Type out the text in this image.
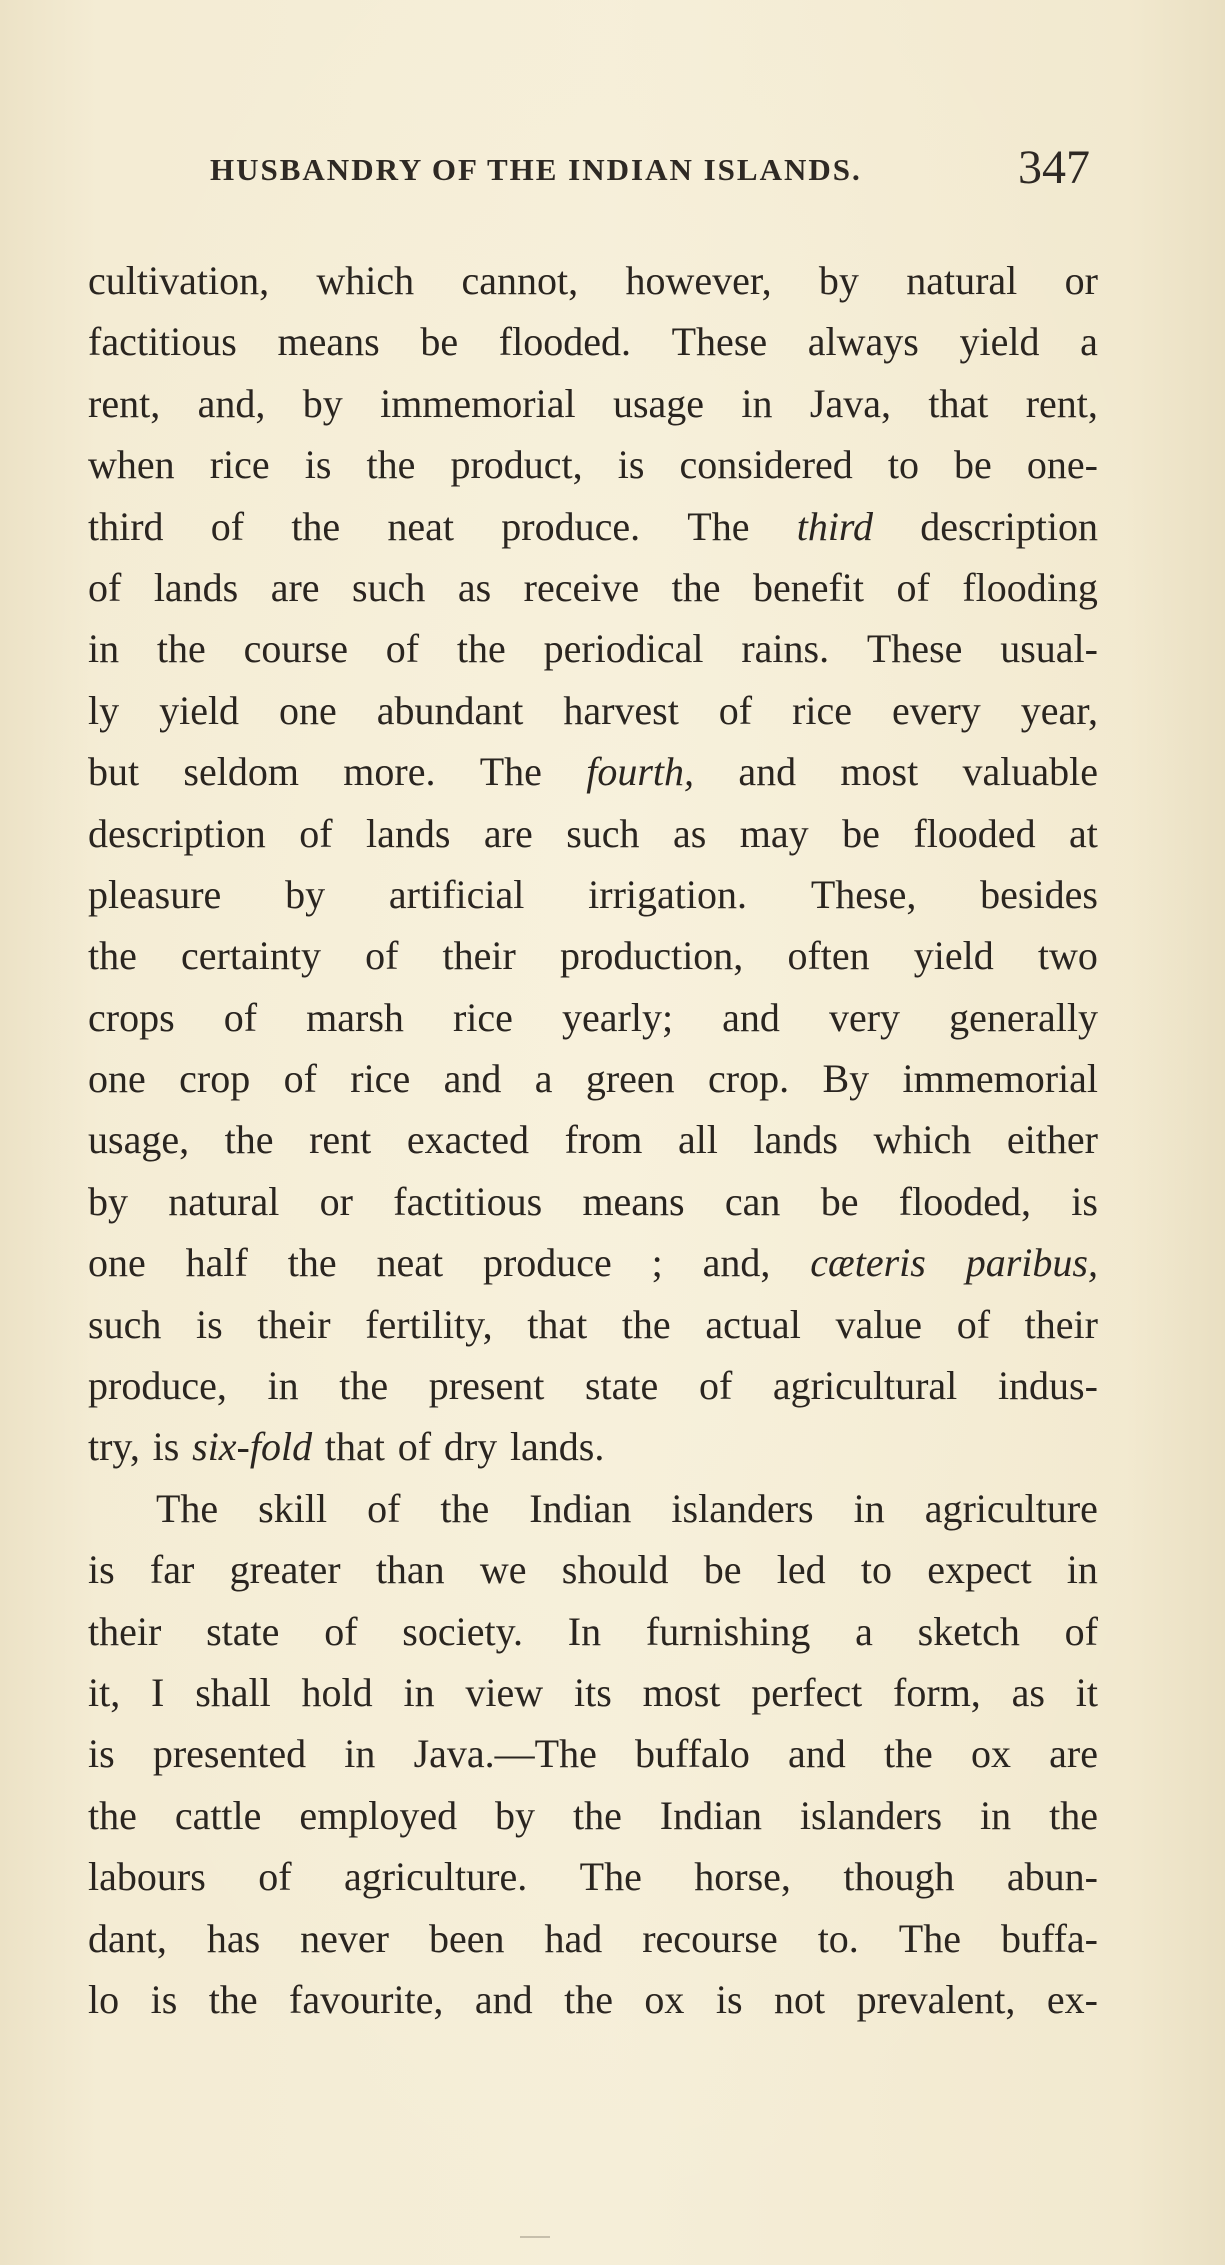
HUSBANDRY OF THE INDIAN ISLANDS.	347
cultivation, which cannot, however, by natural or
factitious means be flooded. These always yield a
rent, and, by immemorial usage in Java, that rent,
when rice is the product, is considered to be one-
third of the neat produce. The third description
of lands are such as receive the benefit of flooding
in the course of the periodical rains. These usual-
ly yield one abundant harvest of rice every year,
but seldom more. The fourth, and most valuable
description of lands are such as may be flooded at
pleasure by artificial irrigation. These, besides
the certainty of their production, often yield two
crops of marsh rice yearly; and very generally
one crop of rice and a green crop. By immemorial
usage, the rent exacted from all lands which either
by natural or factitious means can be flooded, is
one half the neat produce ; and, cæteris paribus,
such is their fertility, that the actual value of their
produce, in the present state of agricultural indus-
try, is six-fold that of dry lands.
The skill of the Indian islanders in agriculture
is far greater than we should be led to expect in
their state of society. In furnishing a sketch of
it, I shall hold in view its most perfect form, as it
is presented in Java.—The buffalo and the ox are
the cattle employed by the Indian islanders in the
labours of agriculture. The horse, though abun-
dant, has never been had recourse to. The buffa-
lo is the favourite, and the ox is not prevalent, ex-
